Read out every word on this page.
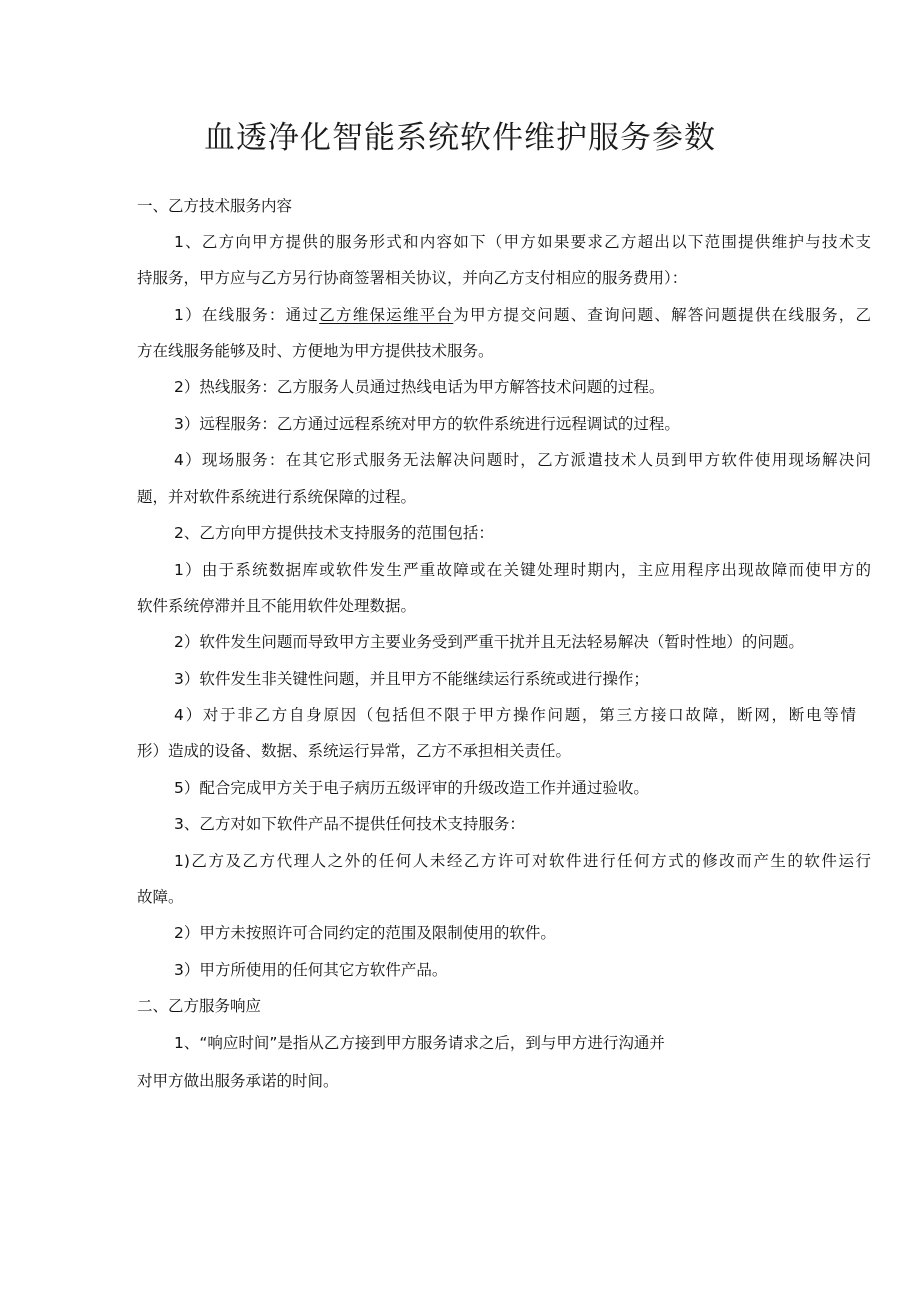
血透净化智能系统软件维护服务参数
一、乙方技术服务内容
1、乙方向甲方提供的服务形式和内容如下（甲方如果要求乙方超出以下范围提供维护与技术支
持服务，甲方应与乙方另行协商签署相关协议，并向乙方支付相应的服务费用）：
1）在线服务：通过乙方维保运维平台为甲方提交问题、查询问题、解答问题提供在线服务，乙
方在线服务能够及时、方便地为甲方提供技术服务。
2）热线服务：乙方服务人员通过热线电话为甲方解答技术问题的过程。
3）远程服务：乙方通过远程系统对甲方的软件系统进行远程调试的过程。
4）现场服务：在其它形式服务无法解决问题时，乙方派遣技术人员到甲方软件使用现场解决问
题，并对软件系统进行系统保障的过程。
2、乙方向甲方提供技术支持服务的范围包括：
1）由于系统数据库或软件发生严重故障或在关键处理时期内，主应用程序出现故障而使甲方的
软件系统停滞并且不能用软件处理数据。
2）软件发生问题而导致甲方主要业务受到严重干扰并且无法轻易解决（暂时性地）的问题。
3）软件发生非关键性问题，并且甲方不能继续运行系统或进行操作；
4）对于非乙方自身原因（包括但不限于甲方操作问题，第三方接口故障，断网，断电等情
形）造成的设备、数据、系统运行异常，乙方不承担相关责任。
5）配合完成甲方关于电子病历五级评审的升级改造工作并通过验收。
3、乙方对如下软件产品不提供任何技术支持服务：
1)乙方及乙方代理人之外的任何人未经乙方许可对软件进行任何方式的修改而产生的软件运行
故障。
2）甲方未按照许可合同约定的范围及限制使用的软件。
3）甲方所使用的任何其它方软件产品。
二、乙方服务响应
1、“响应时间”是指从乙方接到甲方服务请求之后，到与甲方进行沟通并
对甲方做出服务承诺的时间。
